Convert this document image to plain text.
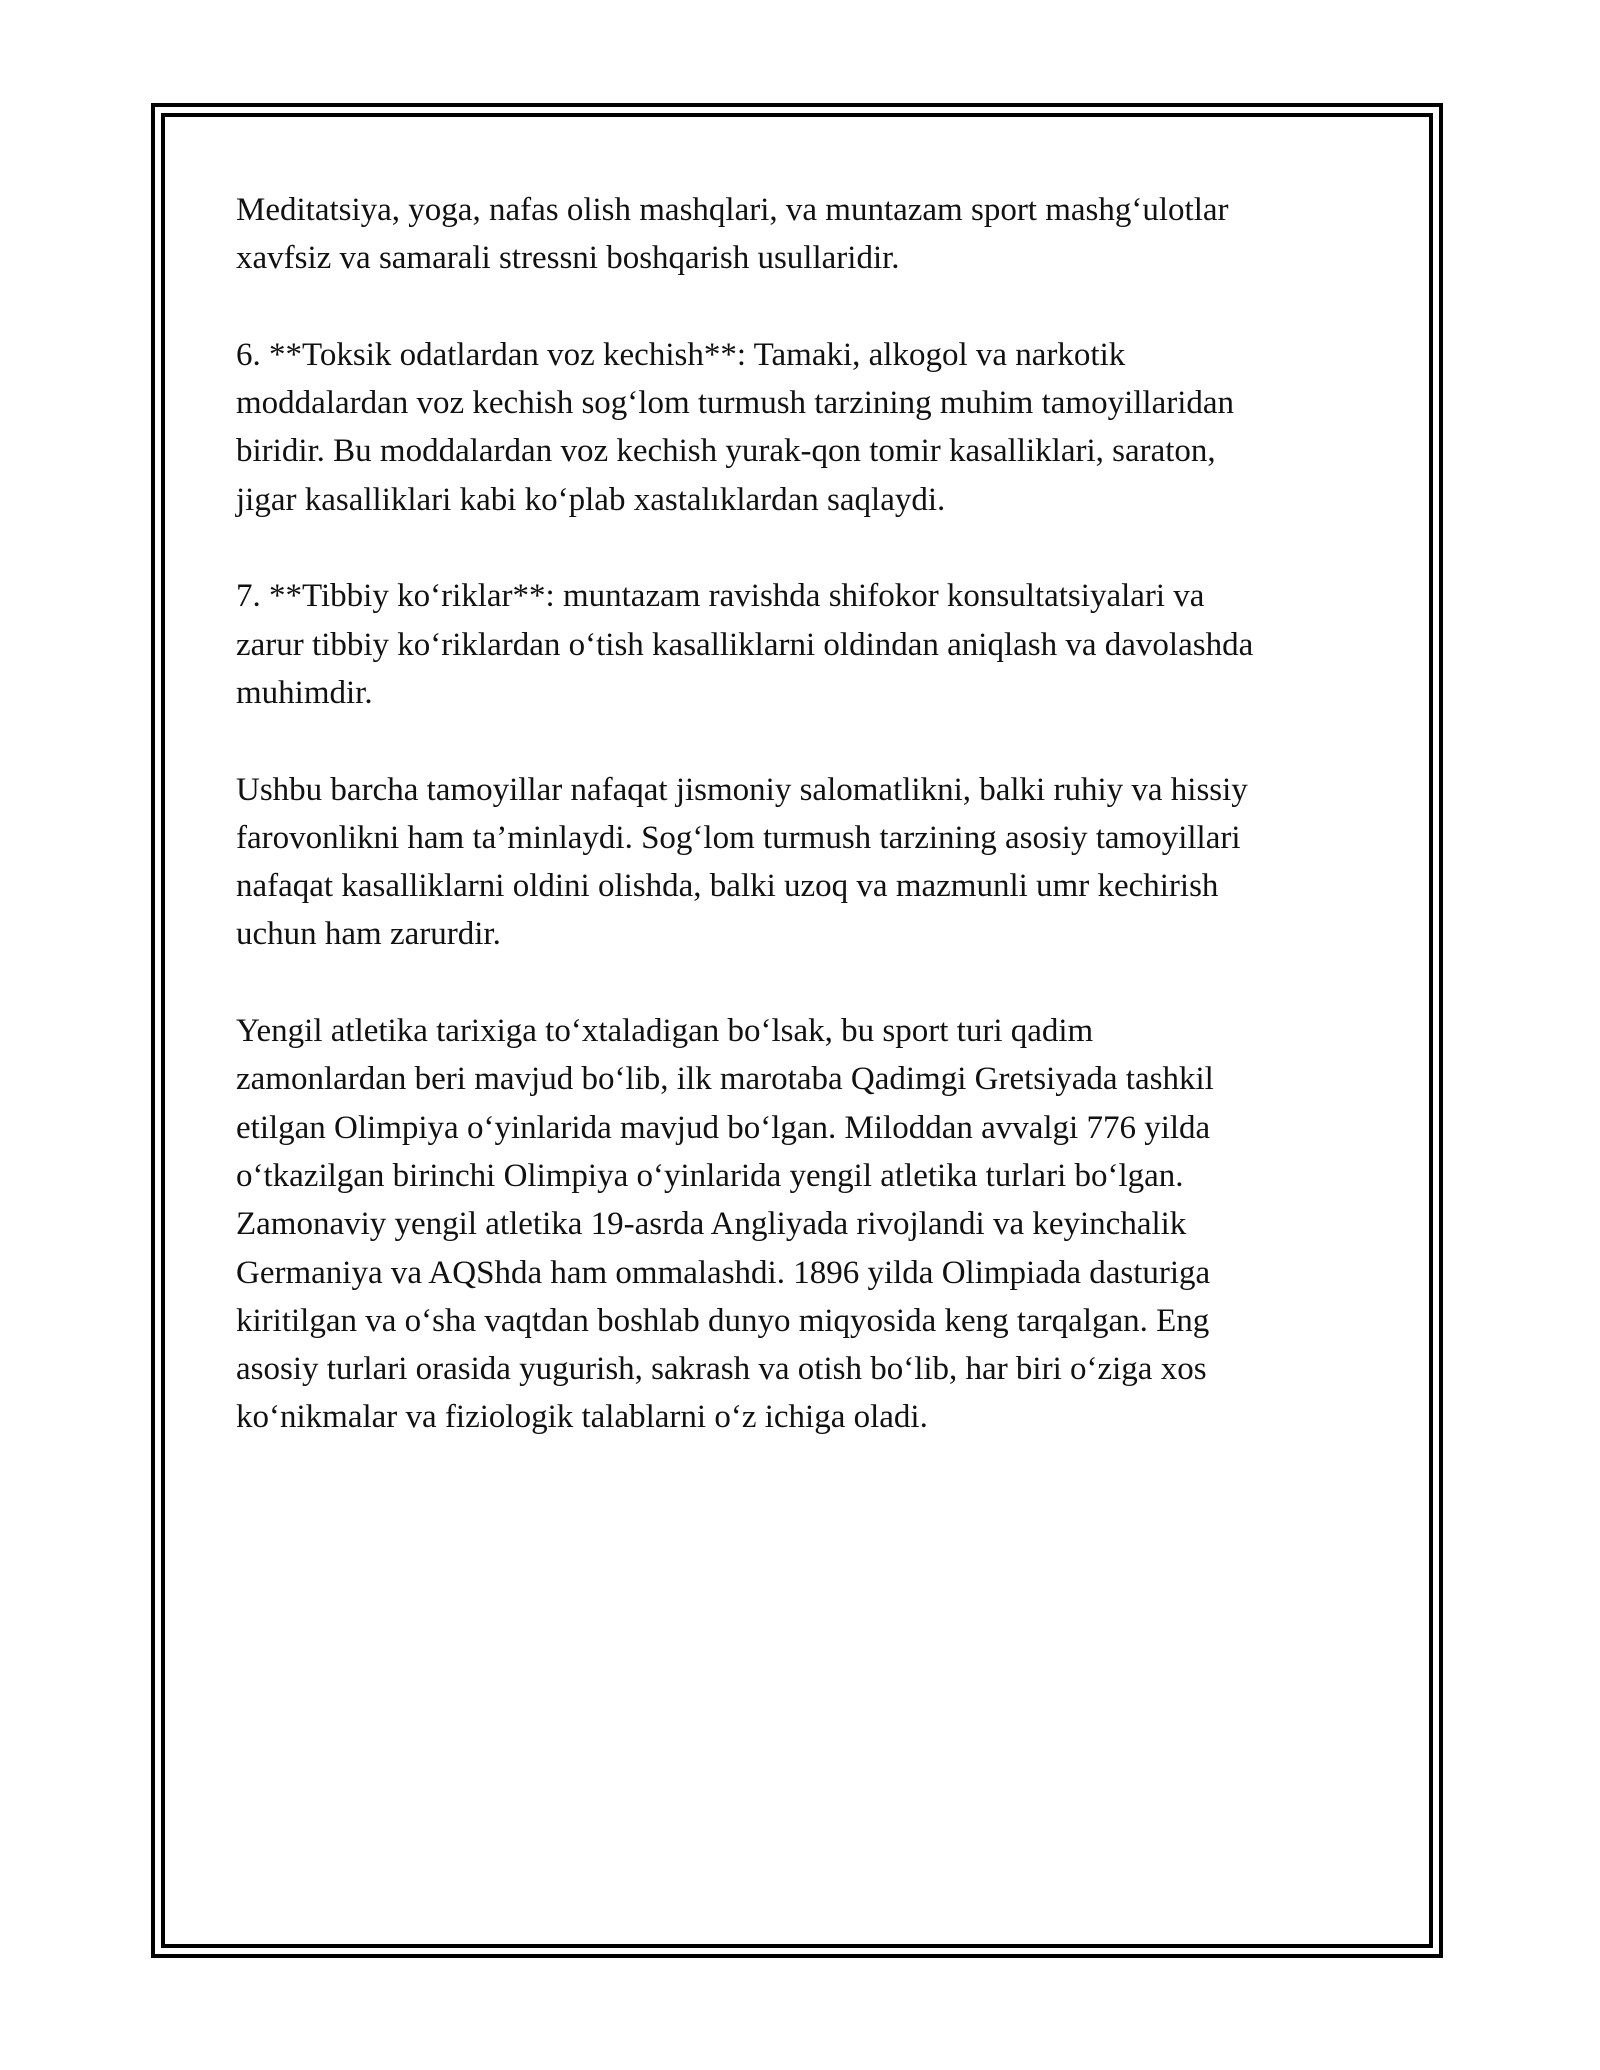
Meditatsiya, yoga, nafas olish mashqlari, va muntazam sport mashg‘ulotlar
xavfsiz va samarali stressni boshqarish usullaridir.

6. **Toksik odatlardan voz kechish**: Tamaki, alkogol va narkotik
moddalardan voz kechish sog‘lom turmush tarzining muhim tamoyillaridan
biridir. Bu moddalardan voz kechish yurak-qon tomir kasalliklari, saraton,
jigar kasalliklari kabi ko‘plab xastalıklardan saqlaydi.

7. **Tibbiy ko‘riklar**: muntazam ravishda shifokor konsultatsiyalari va
zarur tibbiy ko‘riklardan o‘tish kasalliklarni oldindan aniqlash va davolashda
muhimdir.

Ushbu barcha tamoyillar nafaqat jismoniy salomatlikni, balki ruhiy va hissiy
farovonlikni ham ta’minlaydi. Sog‘lom turmush tarzining asosiy tamoyillari
nafaqat kasalliklarni oldini olishda, balki uzoq va mazmunli umr kechirish
uchun ham zarurdir.

Yengil atletika tarixiga to‘xtaladigan bo‘lsak, bu sport turi qadim
zamonlardan beri mavjud bo‘lib, ilk marotaba Qadimgi Gretsiyada tashkil
etilgan Olimpiya o‘yinlarida mavjud bo‘lgan. Miloddan avvalgi 776 yilda
o‘tkazilgan birinchi Olimpiya o‘yinlarida yengil atletika turlari bo‘lgan.
Zamonaviy yengil atletika 19-asrda Angliyada rivojlandi va keyinchalik
Germaniya va AQShda ham ommalashdi. 1896 yilda Olimpiada dasturiga
kiritilgan va o‘sha vaqtdan boshlab dunyo miqyosida keng tarqalgan. Eng
asosiy turlari orasida yugurish, sakrash va otish bo‘lib, har biri o‘ziga xos
ko‘nikmalar va fiziologik talablarni o‘z ichiga oladi.
